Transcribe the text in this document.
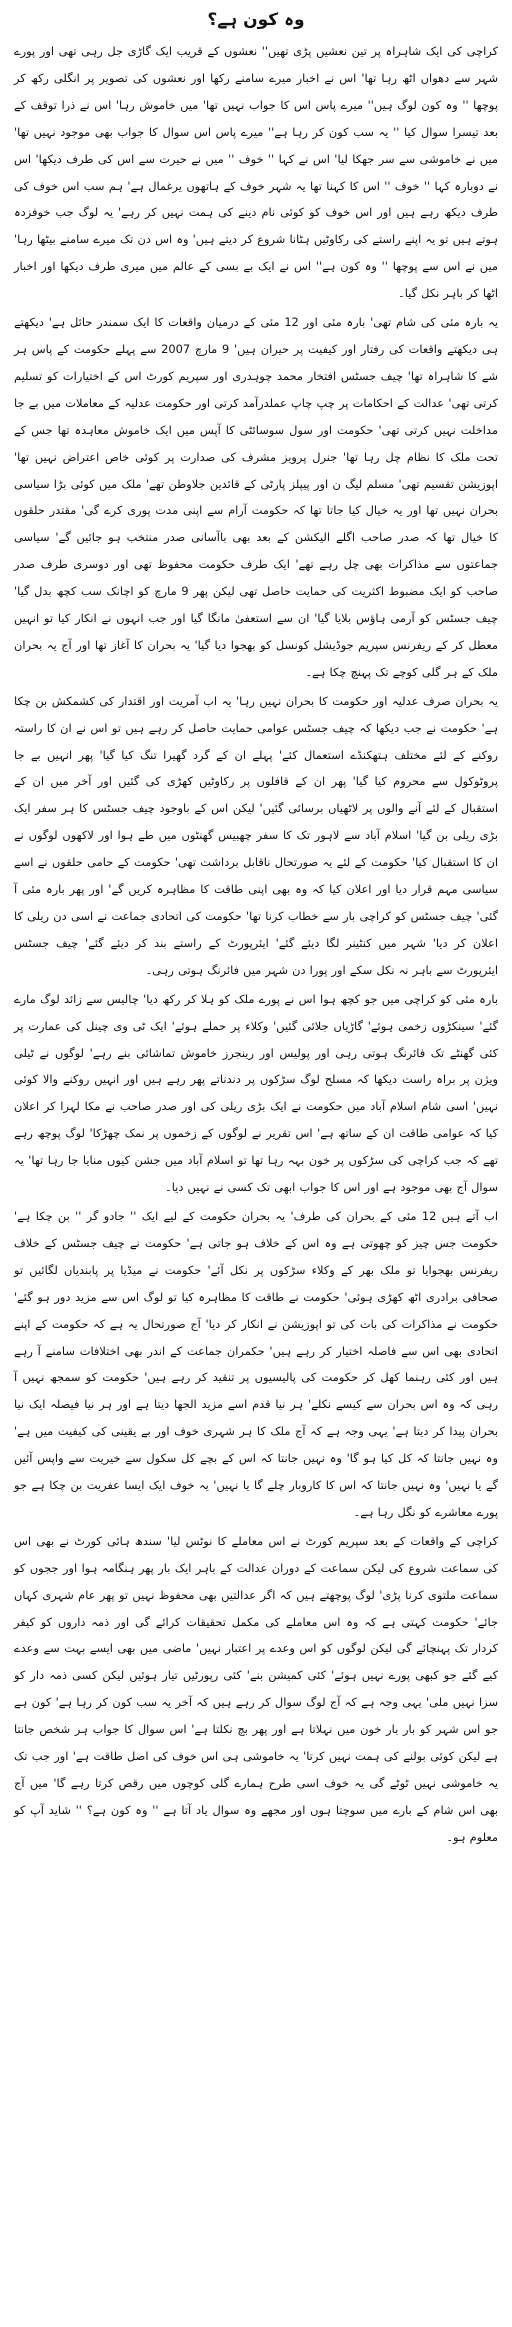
وہ کون ہے؟

کراچی کی ایک شاہراہ پر تین نعشیں پڑی تھیں'' نعشوں کے قریب ایک گاڑی جل رہی تھی اور پورے شہر سے دھواں اٹھ رہا تھا' اس نے اخبار میرے سامنے رکھا اور نعشوں کی تصویر پر انگلی رکھ کر پوچھا '' وہ کون لوگ ہیں'' میرے پاس اس کا جواب نہیں تھا' میں خاموش رہا' اس نے ذرا توقف کے بعد تیسرا سوال کیا '' یہ سب کون کر رہا ہے'' میرے پاس اس سوال کا جواب بھی موجود نہیں تھا' میں نے خاموشی سے سر جھکا لیا' اس نے کہا '' خوف '' میں نے حیرت سے اس کی طرف دیکھا' اس نے دوبارہ کہا '' خوف '' اس کا کہنا تھا یہ شہر خوف کے ہاتھوں یرغمال ہے' ہم سب اس خوف کی طرف دیکھ رہے ہیں اور اس خوف کو کوئی نام دینے کی ہمت نہیں کر رہے' یہ لوگ جب خوفزدہ ہوتے ہیں تو یہ اپنے راستے کی رکاوٹیں ہٹانا شروع کر دیتے ہیں' وہ اس دن تک میرے سامنے بیٹھا رہا' میں نے اس سے پوچھا '' وہ کون ہے'' اس نے ایک بے بسی کے عالم میں میری طرف دیکھا اور اخبار اٹھا کر باہر نکل گیا۔

یہ بارہ مئی کی شام تھی' بارہ مئی اور 12 مئی کے درمیان واقعات کا ایک سمندر حائل ہے' دیکھتے ہی دیکھتے واقعات کی رفتار اور کیفیت پر حیران ہیں' 9 مارچ 2007 سے پہلے حکومت کے پاس ہر شے کا شاہراہ تھا' چیف جسٹس افتخار محمد چوہدری اور سپریم کورٹ اس کے اختیارات کو تسلیم کرتی تھی' عدالت کے احکامات پر چپ چاپ عملدرآمد کرتی اور حکومت عدلیہ کے معاملات میں بے جا مداخلت نہیں کرتی تھی' حکومت اور سول سوسائٹی کا آپس میں ایک خاموش معاہدہ تھا جس کے تحت ملک کا نظام چل رہا تھا' جنرل پرویز مشرف کی صدارت پر کوئی خاص اعتراض نہیں تھا' اپوزیشن تقسیم تھی' مسلم لیگ ن اور پیپلز پارٹی کے قائدین جلاوطن تھے' ملک میں کوئی بڑا سیاسی بحران نہیں تھا اور یہ خیال کیا جاتا تھا کہ حکومت آرام سے اپنی مدت پوری کرے گی' مقتدر حلقوں کا خیال تھا کہ صدر صاحب اگلے الیکشن کے بعد بھی باآسانی صدر منتخب ہو جائیں گے' سیاسی جماعتوں سے مذاکرات بھی چل رہے تھے' ایک طرف حکومت محفوظ تھی اور دوسری طرف صدر صاحب کو ایک مضبوط اکثریت کی حمایت حاصل تھی لیکن پھر 9 مارچ کو اچانک سب کچھ بدل گیا' چیف جسٹس کو آرمی ہاؤس بلایا گیا' ان سے استعفیٰ مانگا گیا اور جب انہوں نے انکار کیا تو انہیں معطل کر کے ریفرنس سپریم جوڈیشل کونسل کو بھجوا دیا گیا' یہ بحران کا آغاز تھا اور آج یہ بحران ملک کے ہر گلی کوچے تک پہنچ چکا ہے۔

یہ بحران صرف عدلیہ اور حکومت کا بحران نہیں رہا' یہ اب آمریت اور اقتدار کی کشمکش بن چکا ہے' حکومت نے جب دیکھا کہ چیف جسٹس عوامی حمایت حاصل کر رہے ہیں تو اس نے ان کا راستہ روکنے کے لئے مختلف ہتھکنڈے استعمال کئے' پہلے ان کے گرد گھیرا تنگ کیا گیا' پھر انہیں بے جا پروٹوکول سے محروم کیا گیا' پھر ان کے قافلوں پر رکاوٹیں کھڑی کی گئیں اور آخر میں ان کے استقبال کے لئے آنے والوں پر لاٹھیاں برسائی گئیں' لیکن اس کے باوجود چیف جسٹس کا ہر سفر ایک بڑی ریلی بن گیا' اسلام آباد سے لاہور تک کا سفر چھبیس گھنٹوں میں طے ہوا اور لاکھوں لوگوں نے ان کا استقبال کیا' حکومت کے لئے یہ صورتحال ناقابل برداشت تھی' حکومت کے حامی حلقوں نے اسے سیاسی مہم قرار دیا اور اعلان کیا کہ وہ بھی اپنی طاقت کا مظاہرہ کریں گے' اور پھر بارہ مئی آ گئی' چیف جسٹس کو کراچی بار سے خطاب کرنا تھا' حکومت کی اتحادی جماعت نے اسی دن ریلی کا اعلان کر دیا' شہر میں کنٹینر لگا دیئے گئے' ایئرپورٹ کے راستے بند کر دیئے گئے' چیف جسٹس ایئرپورٹ سے باہر نہ نکل سکے اور پورا دن شہر میں فائرنگ ہوتی رہی۔

بارہ مئی کو کراچی میں جو کچھ ہوا اس نے پورے ملک کو ہلا کر رکھ دیا' چالیس سے زائد لوگ مارے گئے' سینکڑوں زخمی ہوئے' گاڑیاں جلائی گئیں' وکلاء پر حملے ہوئے' ایک ٹی وی چینل کی عمارت پر کئی گھنٹے تک فائرنگ ہوتی رہی اور پولیس اور رینجرز خاموش تماشائی بنے رہے' لوگوں نے ٹیلی ویژن پر براہ راست دیکھا کہ مسلح لوگ سڑکوں پر دندناتے پھر رہے ہیں اور انہیں روکنے والا کوئی نہیں' اسی شام اسلام آباد میں حکومت نے ایک بڑی ریلی کی اور صدر صاحب نے مکا لہرا کر اعلان کیا کہ عوامی طاقت ان کے ساتھ ہے' اس تقریر نے لوگوں کے زخموں پر نمک چھڑکا' لوگ پوچھ رہے تھے کہ جب کراچی کی سڑکوں پر خون بہہ رہا تھا تو اسلام آباد میں جشن کیوں منایا جا رہا تھا' یہ سوال آج بھی موجود ہے اور اس کا جواب ابھی تک کسی نے نہیں دیا۔

اب آتے ہیں 12 مئی کے بحران کی طرف' یہ بحران حکومت کے لیے ایک '' جادو گر '' بن چکا ہے' حکومت جس چیز کو چھوتی ہے وہ اس کے خلاف ہو جاتی ہے' حکومت نے چیف جسٹس کے خلاف ریفرنس بھجوایا تو ملک بھر کے وکلاء سڑکوں پر نکل آئے' حکومت نے میڈیا پر پابندیاں لگائیں تو صحافی برادری اٹھ کھڑی ہوئی' حکومت نے طاقت کا مظاہرہ کیا تو لوگ اس سے مزید دور ہو گئے' حکومت نے مذاکرات کی بات کی تو اپوزیشن نے انکار کر دیا' آج صورتحال یہ ہے کہ حکومت کے اپنے اتحادی بھی اس سے فاصلہ اختیار کر رہے ہیں' حکمران جماعت کے اندر بھی اختلافات سامنے آ رہے ہیں اور کئی رہنما کھل کر حکومت کی پالیسیوں پر تنقید کر رہے ہیں' حکومت کو سمجھ نہیں آ رہی کہ وہ اس بحران سے کیسے نکلے' ہر نیا قدم اسے مزید الجھا دیتا ہے اور ہر نیا فیصلہ ایک نیا بحران پیدا کر دیتا ہے' یہی وجہ ہے کہ آج ملک کا ہر شہری خوف اور بے یقینی کی کیفیت میں ہے' وہ نہیں جانتا کہ کل کیا ہو گا' وہ نہیں جانتا کہ اس کے بچے کل سکول سے خیریت سے واپس آئیں گے یا نہیں' وہ نہیں جانتا کہ اس کا کاروبار چلے گا یا نہیں' یہ خوف ایک ایسا عفریت بن چکا ہے جو پورے معاشرے کو نگل رہا ہے۔

کراچی کے واقعات کے بعد سپریم کورٹ نے اس معاملے کا نوٹس لیا' سندھ ہائی کورٹ نے بھی اس کی سماعت شروع کی لیکن سماعت کے دوران عدالت کے باہر ایک بار پھر ہنگامہ ہوا اور ججوں کو سماعت ملتوی کرنا پڑی' لوگ پوچھتے ہیں کہ اگر عدالتیں بھی محفوظ نہیں تو پھر عام شہری کہاں جائے' حکومت کہتی ہے کہ وہ اس معاملے کی مکمل تحقیقات کرائے گی اور ذمہ داروں کو کیفر کردار تک پہنچائے گی لیکن لوگوں کو اس وعدے پر اعتبار نہیں' ماضی میں بھی ایسے بہت سے وعدے کیے گئے جو کبھی پورے نہیں ہوئے' کئی کمیشن بنے' کئی رپورٹیں تیار ہوئیں لیکن کسی ذمہ دار کو سزا نہیں ملی' یہی وجہ ہے کہ آج لوگ سوال کر رہے ہیں کہ آخر یہ سب کون کر رہا ہے' کون ہے جو اس شہر کو بار بار خون میں نہلاتا ہے اور پھر بچ نکلتا ہے' اس سوال کا جواب ہر شخص جانتا ہے لیکن کوئی بولنے کی ہمت نہیں کرتا' یہ خاموشی ہی اس خوف کی اصل طاقت ہے' اور جب تک یہ خاموشی نہیں ٹوٹے گی یہ خوف اسی طرح ہمارے گلی کوچوں میں رقص کرتا رہے گا' میں آج بھی اس شام کے بارے میں سوچتا ہوں اور مجھے وہ سوال یاد آتا ہے '' وہ کون ہے؟ '' شاید آپ کو معلوم ہو۔
